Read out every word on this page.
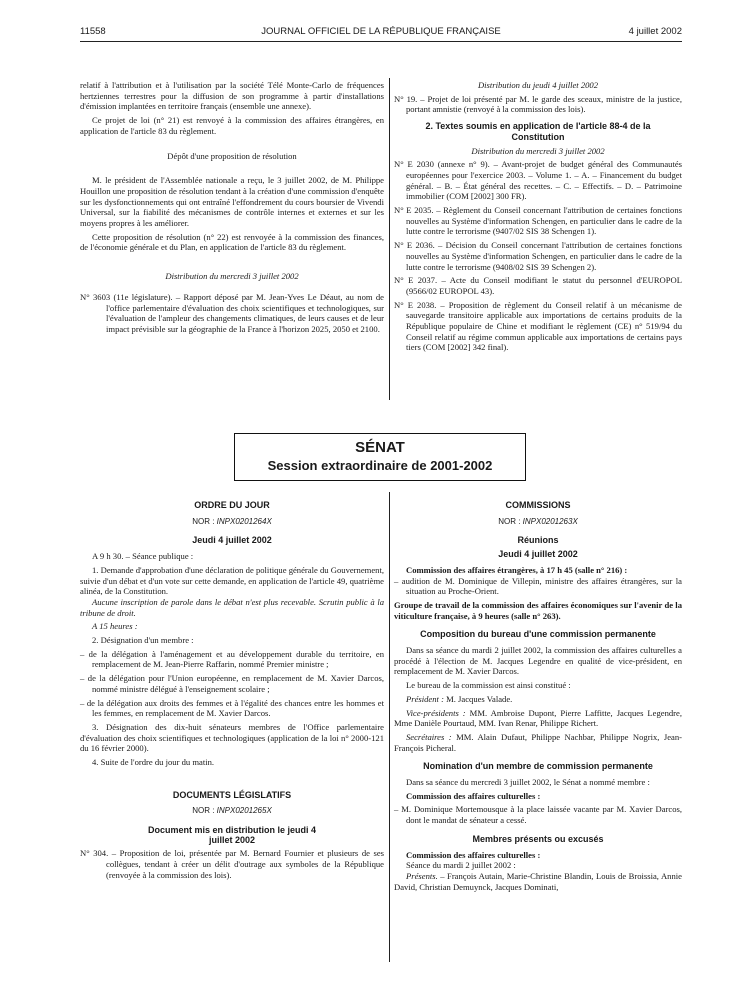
11558	JOURNAL OFFICIEL DE LA RÉPUBLIQUE FRANÇAISE	4 juillet 2002

relatif à l'attribution et à l'utilisation par la société Télé Monte-Carlo de fréquences hertziennes terrestres pour la diffusion de son programme à partir d'installations d'émission implantées en territoire français (ensemble une annexe).

Ce projet de loi (n° 21) est renvoyé à la commission des affaires étrangères, en application de l'article 83 du règlement.

Dépôt d'une proposition de résolution

M. le président de l'Assemblée nationale a reçu, le 3 juillet 2002, de M. Philippe Houillon une proposition de résolution tendant à la création d'une commission d'enquête sur les dysfonctionnements qui ont entraîné l'effondrement du cours boursier de Vivendi Universal, sur la fiabilité des mécanismes de contrôle internes et externes et sur les moyens propres à les améliorer.

Cette proposition de résolution (n° 22) est renvoyée à la commission des finances, de l'économie générale et du Plan, en application de l'article 83 du règlement.

Distribution du mercredi 3 juillet 2002

N° 3603 (11e législature). – Rapport déposé par M. Jean-Yves Le Déaut, au nom de l'office parlementaire d'évaluation des choix scientifiques et technologiques, sur l'évaluation de l'ampleur des changements climatiques, de leurs causes et de leur impact prévisible sur la géographie de la France à l'horizon 2025, 2050 et 2100.

Distribution du jeudi 4 juillet 2002

N° 19. – Projet de loi présenté par M. le garde des sceaux, ministre de la justice, portant amnistie (renvoyé à la commission des lois).

2. Textes soumis en application de l'article 88-4 de la Constitution

Distribution du mercredi 3 juillet 2002

N° E 2030 (annexe n° 9). – Avant-projet de budget général des Communautés européennes pour l'exercice 2003. – Volume 1. – A. – Financement du budget général. – B. – État général des recettes. – C. – Effectifs. – D. – Patrimoine immobilier (COM [2002] 300 FR).

N° E 2035. – Règlement du Conseil concernant l'attribution de certaines fonctions nouvelles au Système d'information Schengen, en particulier dans le cadre de la lutte contre le terrorisme (9407/02 SIS 38 Schengen 1).

N° E 2036. – Décision du Conseil concernant l'attribution de certaines fonctions nouvelles au Système d'information Schengen, en particulier dans le cadre de la lutte contre le terrorisme (9408/02 SIS 39 Schengen 2).

N° E 2037. – Acte du Conseil modifiant le statut du personnel d'EUROPOL (9566/02 EUROPOL 43).

N° E 2038. – Proposition de règlement du Conseil relatif à un mécanisme de sauvegarde transitoire applicable aux importations de certains produits de la République populaire de Chine et modifiant le règlement (CE) n° 519/94 du Conseil relatif au régime commun applicable aux importations de certains pays tiers (COM [2002] 342 final).

SÉNAT
Session extraordinaire de 2001-2002
ORDRE DU JOUR
NOR : INPX0201264X

Jeudi 4 juillet 2002

A 9 h 30. – Séance publique :

1. Demande d'approbation d'une déclaration de politique générale du Gouvernement, suivie d'un débat et d'un vote sur cette demande, en application de l'article 49, quatrième alinéa, de la Constitution.

Aucune inscription de parole dans le débat n'est plus recevable. Scrutin public à la tribune de droit.

A 15 heures :

2. Désignation d'un membre :

– de la délégation à l'aménagement et au développement durable du territoire, en remplacement de M. Jean-Pierre Raffarin, nommé Premier ministre ;

– de la délégation pour l'Union européenne, en remplacement de M. Xavier Darcos, nommé ministre délégué à l'enseignement scolaire ;

– de la délégation aux droits des femmes et à l'égalité des chances entre les hommes et les femmes, en remplacement de M. Xavier Darcos.

3. Désignation des dix-huit sénateurs membres de l'Office parlementaire d'évaluation des choix scientifiques et technologiques (application de la loi n° 2000-121 du 16 février 2000).

4. Suite de l'ordre du jour du matin.

DOCUMENTS LÉGISLATIFS
NOR : INPX0201265X

Document mis en distribution le jeudi 4 juillet 2002

N° 304. – Proposition de loi, présentée par M. Bernard Fournier et plusieurs de ses collègues, tendant à créer un délit d'outrage aux symboles de la République (renvoyée à la commission des lois).

COMMISSIONS
NOR : INPX0201263X

Réunions

Jeudi 4 juillet 2002

Commission des affaires étrangères, à 17 h 45 (salle n° 216) :

– audition de M. Dominique de Villepin, ministre des affaires étrangères, sur la situation au Proche-Orient.

Groupe de travail de la commission des affaires économiques sur l'avenir de la viticulture française, à 9 heures (salle n° 263).

Composition du bureau d'une commission permanente

Dans sa séance du mardi 2 juillet 2002, la commission des affaires culturelles a procédé à l'élection de M. Jacques Legendre en qualité de vice-président, en remplacement de M. Xavier Darcos.

Le bureau de la commission est ainsi constitué :

Président : M. Jacques Valade.

Vice-présidents : MM. Ambroise Dupont, Pierre Laffitte, Jacques Legendre, Mme Danièle Pourtaud, MM. Ivan Renar, Philippe Richert.

Secrétaires : MM. Alain Dufaut, Philippe Nachbar, Philippe Nogrix, Jean-François Picheral.

Nomination d'un membre de commission permanente

Dans sa séance du mercredi 3 juillet 2002, le Sénat a nommé membre :

Commission des affaires culturelles :

– M. Dominique Mortemousque à la place laissée vacante par M. Xavier Darcos, dont le mandat de sénateur a cessé.

Membres présents ou excusés

Commission des affaires culturelles :

Séance du mardi 2 juillet 2002 :

Présents. – François Autain, Marie-Christine Blandin, Louis de Broissia, Annie David, Christian Demuynck, Jacques Dominati,
